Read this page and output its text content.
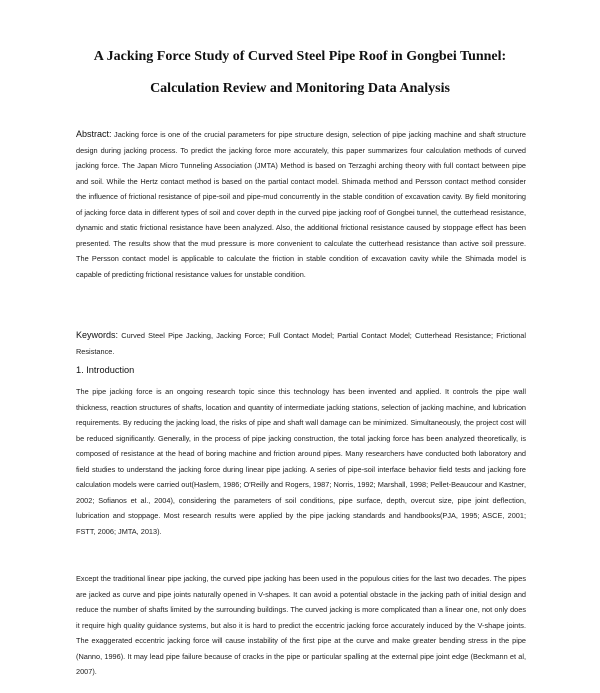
A Jacking Force Study of Curved Steel Pipe Roof in Gongbei Tunnel:
Calculation Review and Monitoring Data Analysis

Abstract: Jacking force is one of the crucial parameters for pipe structure design, selection of pipe jacking machine and shaft structure design during jacking process. To predict the jacking force more accurately, this paper summarizes four calculation methods of curved jacking force. The Japan Micro Tunneling Association (JMTA) Method is based on Terzaghi arching theory with full contact between pipe and soil. While the Hertz contact method is based on the partial contact model. Shimada method and Persson contact method consider the influence of frictional resistance of pipe-soil and pipe-mud concurrently in the stable condition of excavation cavity. By field monitoring of jacking force data in different types of soil and cover depth in the curved pipe jacking roof of Gongbei tunnel, the cutterhead resistance, dynamic and static frictional resistance have been analyzed. Also, the additional frictional resistance caused by stoppage effect has been presented. The results show that the mud pressure is more convenient to calculate the cutterhead resistance than active soil pressure. The Persson contact model is applicable to calculate the friction in stable condition of excavation cavity while the Shimada model is capable of predicting frictional resistance values for unstable condition.

Keywords: Curved Steel Pipe Jacking, Jacking Force; Full Contact Model; Partial Contact Model; Cutterhead Resistance; Frictional Resistance.

1. Introduction

The pipe jacking force is an ongoing research topic since this technology has been invented and applied. It controls the pipe wall thickness, reaction structures of shafts, location and quantity of intermediate jacking stations, selection of jacking machine, and lubrication requirements. By reducing the jacking load, the risks of pipe and shaft wall damage can be minimized. Simultaneously, the project cost will be reduced significantly. Generally, in the process of pipe jacking construction, the total jacking force has been analyzed theoretically, is composed of resistance at the head of boring machine and friction around pipes. Many researchers have conducted both laboratory and field studies to understand the jacking force during linear pipe jacking. A series of pipe-soil interface behavior field tests and jacking fore calculation models were carried out(Haslem, 1986; O'Reilly and Rogers, 1987; Norris, 1992; Marshall, 1998; Pellet-Beaucour and Kastner, 2002; Sofianos et al., 2004), considering the parameters of soil conditions, pipe surface, depth, overcut size, pipe joint deflection, lubrication and stoppage. Most research results were applied by the pipe jacking standards and handbooks(PJA, 1995; ASCE, 2001; FSTT, 2006; JMTA, 2013).

Except the traditional linear pipe jacking, the curved pipe jacking has been used in the populous cities for the last two decades. The pipes are jacked as curve and pipe joints naturally opened in V-shapes. It can avoid a potential obstacle in the jacking path of initial design and reduce the number of shafts limited by the surrounding buildings. The curved jacking is more complicated than a linear one, not only does it require high quality guidance systems, but also it is hard to predict the eccentric jacking force accurately induced by the V-shape joints. The exaggerated eccentric jacking force will cause instability of the first pipe at the curve and make greater bending stress in the pipe (Nanno, 1996). It may lead pipe failure because of cracks in the pipe or particular spalling at the external pipe joint edge (Beckmann et al, 2007).
